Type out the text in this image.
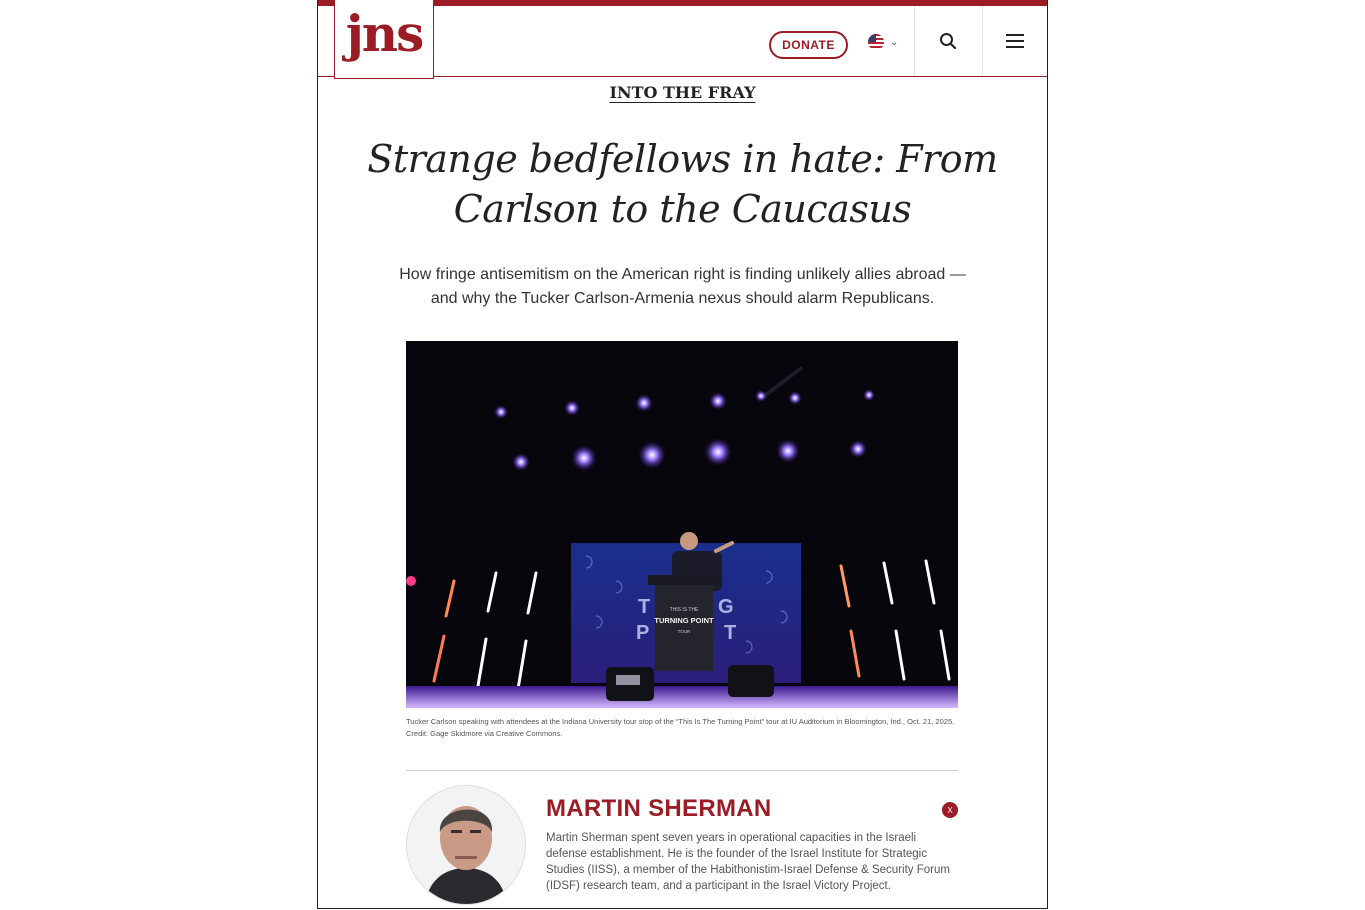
DONATE	⌄
jns
INTO THE FRAY
Strange bedfellows in hate: From Carlson to the Caucasus

How fringe antisemitism on the American right is finding unlikely allies abroad —and why the Tucker Carlson-Armenia nexus should alarm Republicans.

T	G
P	T
THIS IS THE
TURNING POINT
TOUR
Tucker Carlson speaking with attendees at the Indiana University tour stop of the “This Is The Turning Point” tour at IU Auditorium in Bloomington, Ind., Oct. 21, 2025. Credit: Gage Skidmore via Creative Commons.
MARTIN SHERMAN	X
Martin Sherman spent seven years in operational capacities in the Israeli defense establishment. He is the founder of the Israel Institute for Strategic Studies (IISS), a member of the Habithonistim-Israel Defense & Security Forum (IDSF) research team, and a participant in the Israel Victory Project.
